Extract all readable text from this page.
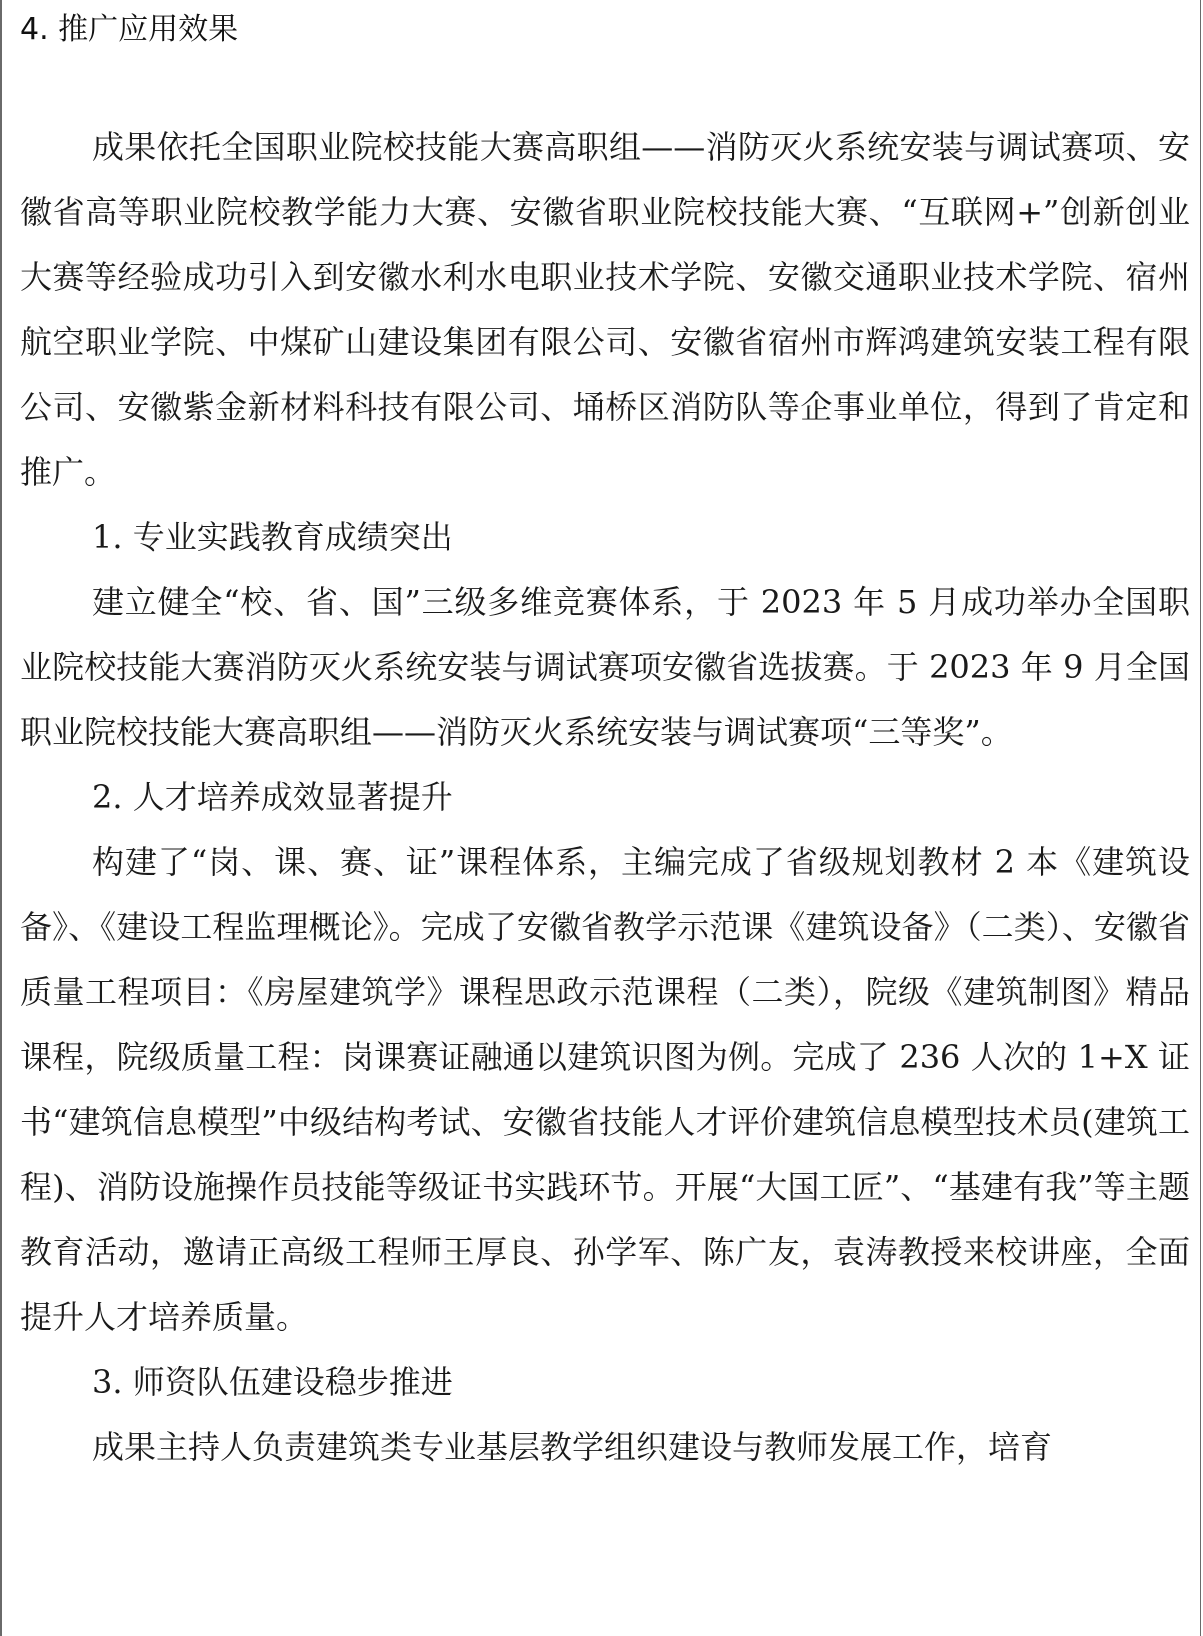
4. 推广应用效果

成果依托全国职业院校技能大赛高职组——消防灭火系统安装与调试赛项、安徽省高等职业院校教学能力大赛、安徽省职业院校技能大赛、“互联网+”创新创业大赛等经验成功引入到安徽水利水电职业技术学院、安徽交通职业技术学院、宿州航空职业学院、中煤矿山建设集团有限公司、安徽省宿州市辉鸿建筑安装工程有限公司、安徽紫金新材料科技有限公司、埇桥区消防队等企事业单位，得到了肯定和推广。

1. 专业实践教育成绩突出

建立健全“校、省、国”三级多维竞赛体系，于 2023 年 5 月成功举办全国职业院校技能大赛消防灭火系统安装与调试赛项安徽省选拔赛。于 2023 年 9 月全国职业院校技能大赛高职组——消防灭火系统安装与调试赛项“三等奖”。

2. 人才培养成效显著提升

构建了“岗、课、赛、证”课程体系，主编完成了省级规划教材 2 本《建筑设备》、《建设工程监理概论》。完成了安徽省教学示范课《建筑设备》（二类）、安徽省质量工程项目：《房屋建筑学》课程思政示范课程（二类），院级《建筑制图》精品课程，院级质量工程：岗课赛证融通以建筑识图为例。完成了 236 人次的 1+X 证书“建筑信息模型”中级结构考试、安徽省技能人才评价建筑信息模型技术员(建筑工程)、消防设施操作员技能等级证书实践环节。开展“大国工匠”、“基建有我”等主题教育活动，邀请正高级工程师王厚良、孙学军、陈广友，袁涛教授来校讲座，全面提升人才培养质量。

3. 师资队伍建设稳步推进

成果主持人负责建筑类专业基层教学组织建设与教师发展工作，培育
